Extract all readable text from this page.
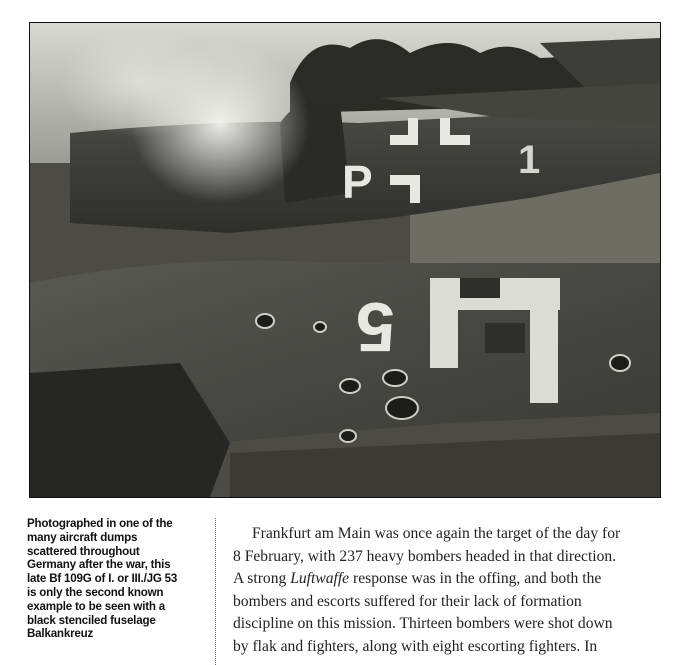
P	1
5

Photographed in one of the

many aircraft dumps

scattered throughout

Germany after the war, this

late Bf 109G of I. or III./JG 53

is only the second known

example to be seen with a

black stenciled fuselage

Balkankreuz

Frankfurt am Main was once again the target of the day for
8 February, with 237 heavy bombers headed in that direction.
A strong Luftwaffe response was in the offing, and both the
bombers and escorts suffered for their lack of formation
discipline on this mission. Thirteen bombers were shot down
by flak and fighters, along with eight escorting fighters. In
